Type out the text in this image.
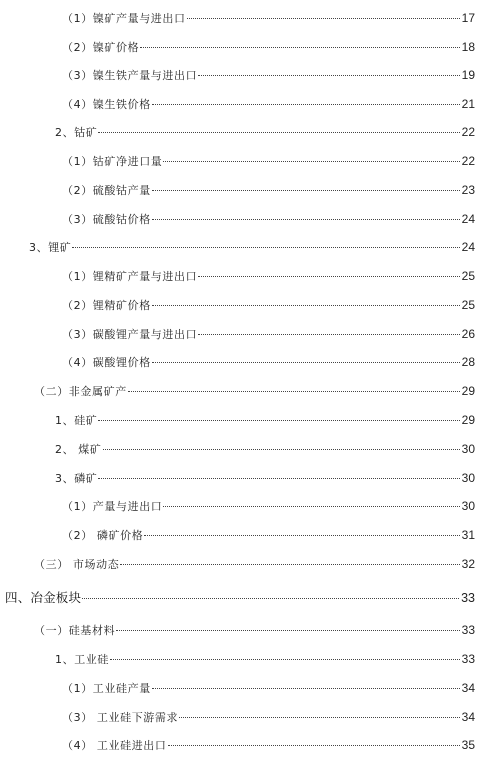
（1）镍矿产量与进出口	17
（2）镍矿价格	18
（3）镍生铁产量与进出口	19
（4）镍生铁价格	21
2、钴矿	22
（1）钴矿净进口量	22
（2）硫酸钴产量	23
（3）硫酸钴价格	24
3、锂矿	24
（1）锂精矿产量与进出口	25
（2）锂精矿价格	25
（3）碳酸锂产量与进出口	26
（4）碳酸锂价格	28
（二）非金属矿产	29
1、硅矿	29
2、 煤矿	30
3、磷矿	30
（1）产量与进出口	30
（2） 磷矿价格	31
（三） 市场动态	32
四、冶金板块	33
（一）硅基材料	33
1、工业硅	33
（1）工业硅产量	34
（3） 工业硅下游需求	34
（4） 工业硅进出口	35
